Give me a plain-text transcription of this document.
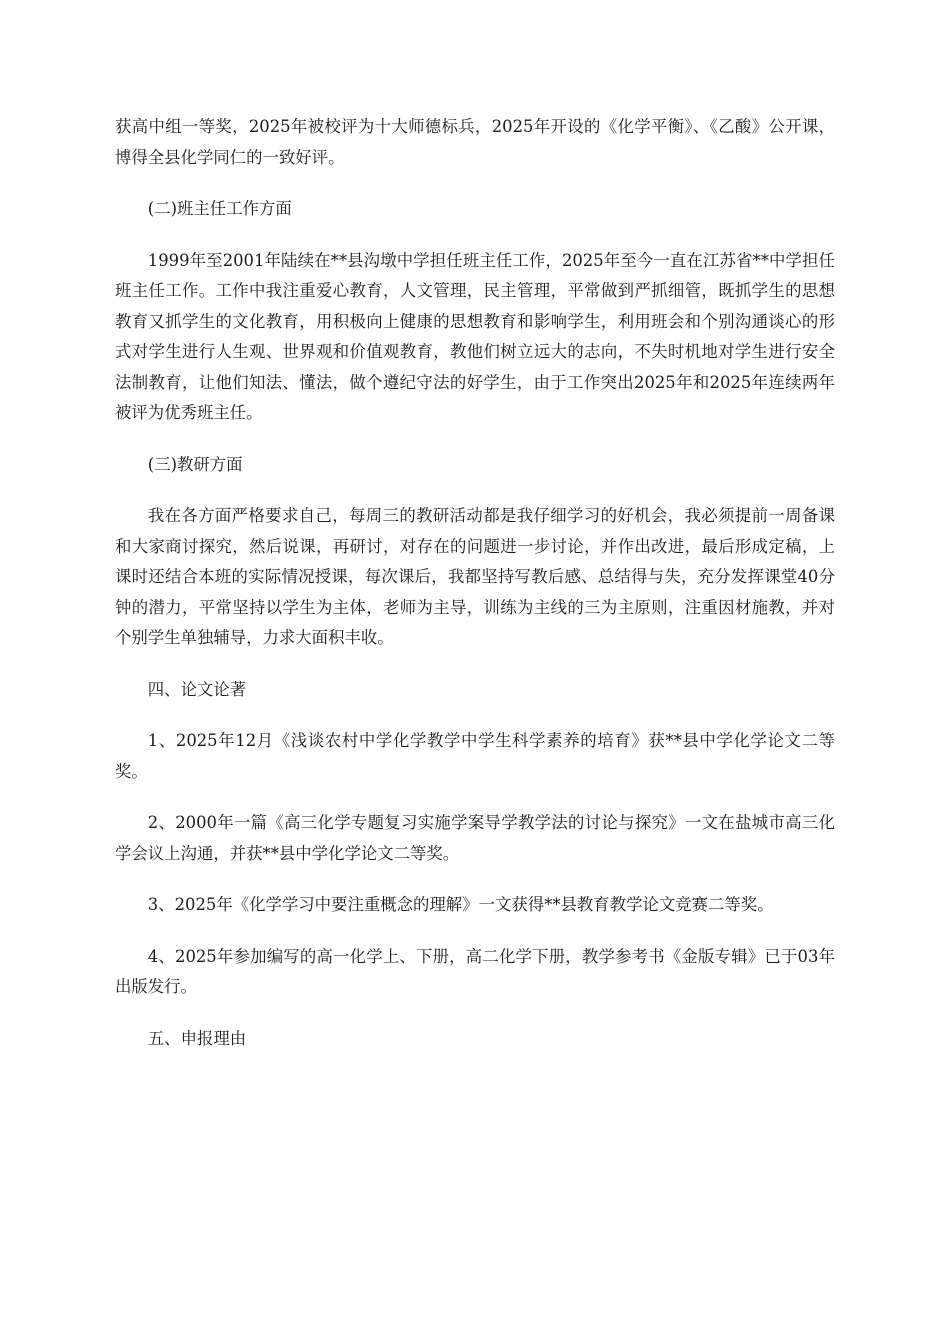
获高中组一等奖，2025年被校评为十大师德标兵，2025年开设的《化学平衡》、《乙酸》公开课，博得全县化学同仁的一致好评。

(二)班主任工作方面

1999年至2001年陆续在**县沟墩中学担任班主任工作，2025年至今一直在江苏省**中学担任班主任工作。工作中我注重爱心教育，人文管理，民主管理，平常做到严抓细管，既抓学生的思想教育又抓学生的文化教育，用积极向上健康的思想教育和影响学生，利用班会和个别沟通谈心的形式对学生进行人生观、世界观和价值观教育，教他们树立远大的志向，不失时机地对学生进行安全法制教育，让他们知法、懂法，做个遵纪守法的好学生，由于工作突出2025年和2025年连续两年被评为优秀班主任。

(三)教研方面

我在各方面严格要求自己，每周三的教研活动都是我仔细学习的好机会，我必须提前一周备课和大家商讨探究，然后说课，再研讨，对存在的问题进一步讨论，并作出改进，最后形成定稿，上课时还结合本班的实际情况授课，每次课后，我都坚持写教后感、总结得与失，充分发挥课堂40分钟的潜力，平常坚持以学生为主体，老师为主导，训练为主线的三为主原则，注重因材施教，并对个别学生单独辅导，力求大面积丰收。

四、论文论著

1、2025年12月《浅谈农村中学化学教学中学生科学素养的培育》获**县中学化学论文二等奖。

2、2000年一篇《高三化学专题复习实施学案导学教学法的讨论与探究》一文在盐城市高三化学会议上沟通，并获**县中学化学论文二等奖。

3、2025年《化学学习中要注重概念的理解》一文获得**县教育教学论文竞赛二等奖。

4、2025年参加编写的高一化学上、下册，高二化学下册，教学参考书《金版专辑》已于03年出版发行。

五、申报理由
